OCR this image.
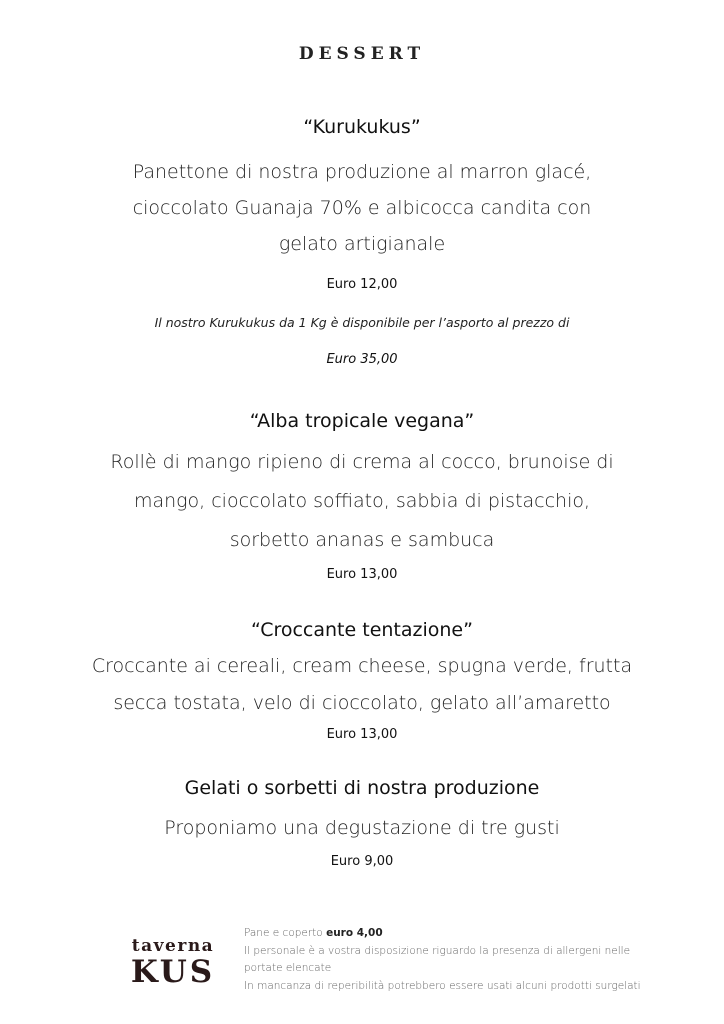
DESSERT
“Kurukukus”
Panettone di nostra produzione al marron glacé,
cioccolato Guanaja 70% e albicocca candita con
gelato artigianale
Euro 12,00
Il nostro Kurukukus da 1 Kg è disponibile per l’asporto al prezzo di
Euro 35,00
“Alba tropicale vegana”
Rollè di mango ripieno di crema al cocco, brunoise di
mango, cioccolato soffiato, sabbia di pistacchio,
sorbetto ananas e sambuca
Euro 13,00
“Croccante tentazione”
Croccante ai cereali, cream cheese, spugna verde, frutta
secca tostata, velo di cioccolato, gelato all’amaretto
Euro 13,00
Gelati o sorbetti di nostra produzione
Proponiamo una degustazione di tre gusti
Euro 9,00
taverna
KUS
Pane e coperto euro 4,00
Il personale è a vostra disposizione riguardo la presenza di allergeni nelle
portate elencate
In mancanza di reperibilità potrebbero essere usati alcuni prodotti surgelati
